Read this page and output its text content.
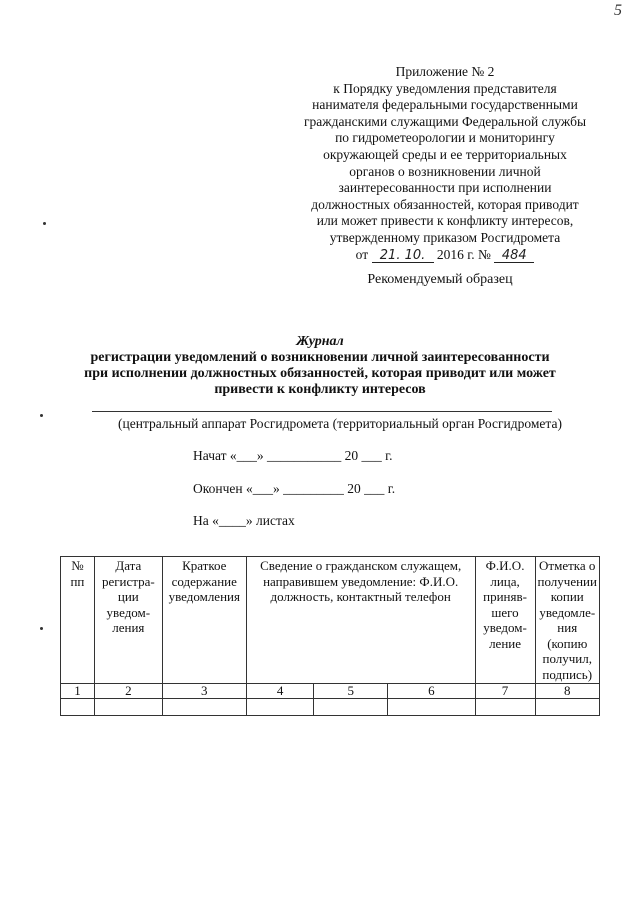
5
Приложение № 2
к Порядку уведомления представителя
нанимателя федеральными государственными
гражданскими служащими Федеральной службы
по гидрометеорологии и мониторингу
окружающей среды и ее территориальных
органов о возникновении личной
заинтересованности при исполнении
должностных обязанностей, которая приводит
или может привести к конфликту интересов,
утвержденному приказом Росгидромета
от 21. 10. 2016 г. № 484
Рекомендуемый образец
Журнал
регистрации уведомлений о возникновении личной заинтересованности
при исполнении должностных обязанностей, которая приводит или может
привести к конфликту интересов
(центральный аппарат Росгидромета (территориальный орган Росгидромета)
Начат «___» ___________ 20 ___ г.
Окончен «___» _________ 20 ___ г.
На «____» листах
№ пп	Дата регистра- ции уведом- ления	Краткое содержание уведомления	Сведение о гражданском служащем, направившем уведомление: Ф.И.О. должность, контактный телефон			Ф.И.О. лица, приняв- шего уведом- ление	Отметка о получении копии уведомле- ния (копию получил, подпись)
1	2	3	4	5	6	7	8
